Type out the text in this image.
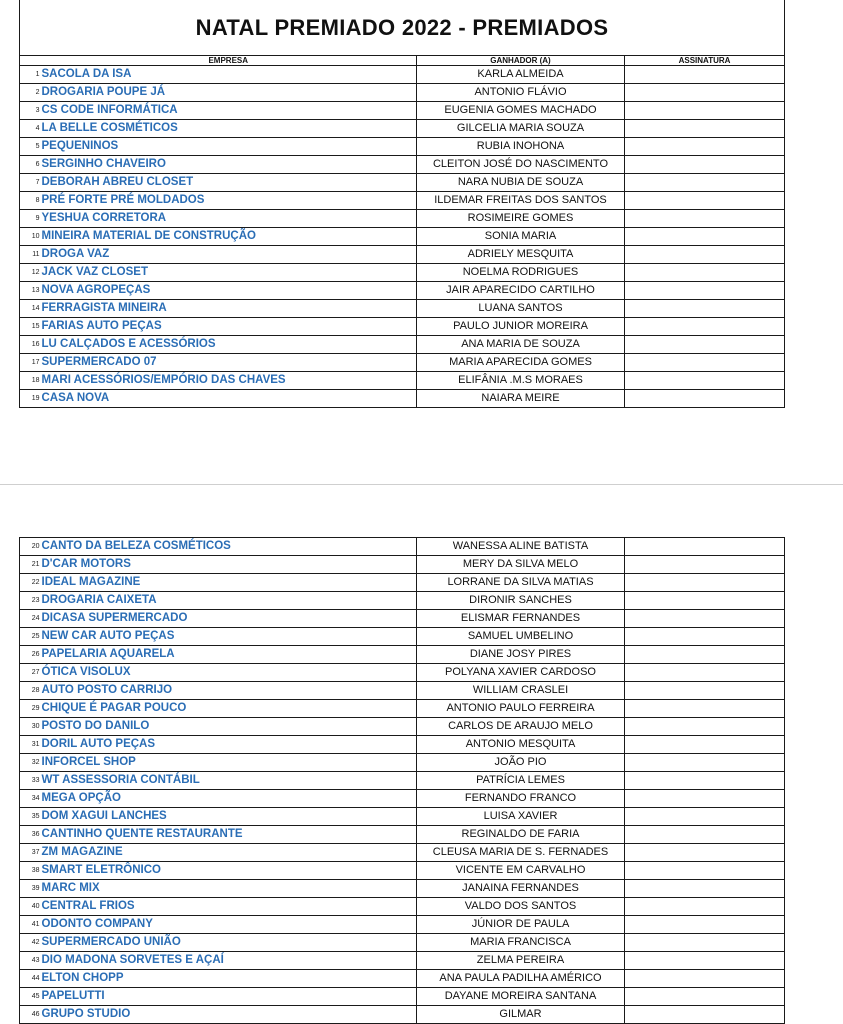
NATAL PREMIADO 2022 - PREMIADOS			
	EMPRESA	GANHADOR (A)	ASSINATURA
1	SACOLA DA ISA	KARLA ALMEIDA	
2	DROGARIA POUPE JÁ	ANTONIO FLÁVIO	
3	CS CODE INFORMÁTICA	EUGENIA GOMES MACHADO	
4	LA BELLE COSMÉTICOS	GILCELIA MARIA SOUZA	
5	PEQUENINOS	RUBIA INOHONA	
6	SERGINHO CHAVEIRO	CLEITON JOSÉ DO NASCIMENTO	
7	DEBORAH ABREU CLOSET	NARA NUBIA DE SOUZA	
8	PRÉ FORTE PRÉ MOLDADOS	ILDEMAR FREITAS DOS SANTOS	
9	YESHUA CORRETORA	ROSIMEIRE GOMES	
10	MINEIRA MATERIAL DE CONSTRUÇÃO	SONIA MARIA	
11	DROGA VAZ	ADRIELY MESQUITA	
12	JACK VAZ CLOSET	NOELMA RODRIGUES	
13	NOVA AGROPEÇAS	JAIR APARECIDO CARTILHO	
14	FERRAGISTA MINEIRA	LUANA SANTOS	
15	FARIAS AUTO PEÇAS	PAULO JUNIOR MOREIRA	
16	LU CALÇADOS E ACESSÓRIOS	ANA MARIA DE SOUZA	
17	SUPERMERCADO 07	MARIA APARECIDA GOMES	
18	MARI ACESSÓRIOS/EMPÓRIO DAS CHAVES	ELIFÂNIA .M.S MORAES	
19	CASA NOVA	NAIARA MEIRE	
20	CANTO DA BELEZA COSMÉTICOS	WANESSA ALINE BATISTA	
21	D'CAR MOTORS	MERY DA SILVA MELO	
22	IDEAL MAGAZINE	LORRANE DA SILVA MATIAS	
23	DROGARIA CAIXETA	DIRONIR SANCHES	
24	DICASA SUPERMERCADO	ELISMAR FERNANDES	
25	NEW CAR AUTO PEÇAS	SAMUEL UMBELINO	
26	PAPELARIA AQUARELA	DIANE JOSY PIRES	
27	ÓTICA VISOLUX	POLYANA XAVIER CARDOSO	
28	AUTO POSTO CARRIJO	WILLIAM CRASLEI	
29	CHIQUE É PAGAR POUCO	ANTONIO PAULO FERREIRA	
30	POSTO DO DANILO	CARLOS DE ARAUJO MELO	
31	DORIL AUTO PEÇAS	ANTONIO MESQUITA	
32	INFORCEL SHOP	JOÃO PIO	
33	WT ASSESSORIA CONTÁBIL	PATRÍCIA LEMES	
34	MEGA OPÇÃO	FERNANDO FRANCO	
35	DOM XAGUI LANCHES	LUISA XAVIER	
36	CANTINHO QUENTE RESTAURANTE	REGINALDO DE FARIA	
37	ZM MAGAZINE	CLEUSA MARIA DE S. FERNADES	
38	SMART ELETRÔNICO	VICENTE EM CARVALHO	
39	MARC MIX	JANAINA FERNANDES	
40	CENTRAL FRIOS	VALDO DOS SANTOS	
41	ODONTO COMPANY	JÚNIOR DE PAULA	
42	SUPERMERCADO UNIÃO	MARIA FRANCISCA	
43	DIO MADONA SORVETES E AÇAÍ	ZELMA PEREIRA	
44	ELTON CHOPP	ANA PAULA PADILHA AMÉRICO	
45	PAPELUTTI	DAYANE MOREIRA SANTANA	
46	GRUPO STUDIO	GILMAR	
